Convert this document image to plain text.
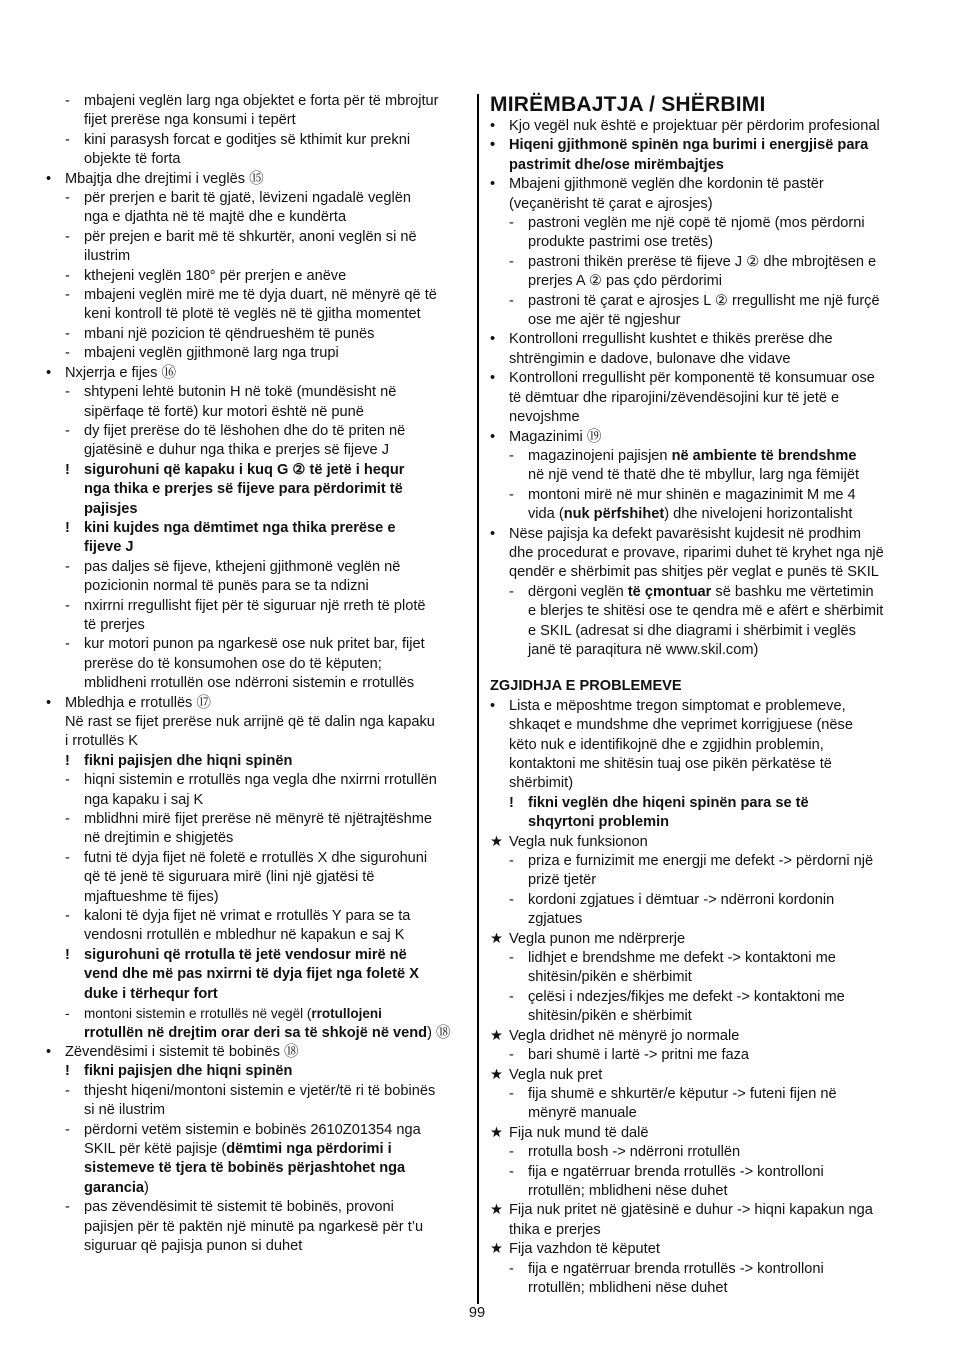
- mbajeni veglën larg nga objektet e forta për të mbrojtur
fijet prerëse nga konsumi i tepërt
- kini parasysh forcat e goditjes së kthimit kur prekni
objekte të forta
• Mbajtja dhe drejtimi i veglës ⑮
- për prerjen e barit të gjatë, lëvizeni ngadalë veglën
nga e djathta në të majtë dhe e kundërta
- për prejen e barit më të shkurtër, anoni veglën si në
ilustrim
- kthejeni veglën 180° për prerjen e anëve
- mbajeni veglën mirë me të dyja duart, në mënyrë që të
keni kontroll të plotë të veglës në të gjitha momentet
- mbani një pozicion të qëndrueshëm të punës
- mbajeni veglën gjithmonë larg nga trupi
• Nxjerrja e fijes ⑯
- shtypeni lehtë butonin H në tokë (mundësisht në
sipërfaqe të fortë) kur motori është në punë
- dy fijet prerëse do të lëshohen dhe do të priten në
gjatësinë e duhur nga thika e prerjes së fijeve J
! sigurohuni që kapaku i kuq G ② të jetë i hequr
nga thika e prerjes së fijeve para përdorimit të
pajisjes
! kini kujdes nga dëmtimet nga thika prerëse e
fijeve J
- pas daljes së fijeve, kthejeni gjithmonë veglën në
pozicionin normal të punës para se ta ndizni
- nxirrni rregullisht fijet për të siguruar një rreth të plotë
të prerjes
- kur motori punon pa ngarkesë ose nuk pritet bar, fijet
prerëse do të konsumohen ose do të këputen;
mblidheni rrotullën ose ndërroni sistemin e rrotullës
• Mbledhja e rrotullës ⑰
Në rast se fijet prerëse nuk arrijnë që të dalin nga kapaku
i rrotullës K
! fikni pajisjen dhe hiqni spinën
- hiqni sistemin e rrotullës nga vegla dhe nxirrni rrotullën
nga kapaku i saj K
- mblidhni mirë fijet prerëse në mënyrë të njëtrajtëshme
në drejtimin e shigjetës
- futni të dyja fijet në foletë e rrotullës X dhe sigurohuni
që të jenë të siguruara mirë (lini një gjatësi të
mjaftueshme të fijes)
- kaloni të dyja fijet në vrimat e rrotullës Y para se ta
vendosni rrotullën e mbledhur në kapakun e saj K
! sigurohuni që rrotulla të jetë vendosur mirë në
vend dhe më pas nxirrni të dyja fijet nga foletë X
duke i tërhequr fort
- montoni sistemin e rrotullës në vegël (rrotullojeni
rrotullën në drejtim orar deri sa të shkojë në vend) ⑱
• Zëvendësimi i sistemit të bobinës ⑱
! fikni pajisjen dhe hiqni spinën
- thjesht hiqeni/montoni sistemin e vjetër/të ri të bobinës
si në ilustrim
- përdorni vetëm sistemin e bobinës 2610Z01354 nga
SKIL për këtë pajisje (dëmtimi nga përdorimi i
sistemeve të tjera të bobinës përjashtohet nga
garancia)
- pas zëvendësimit të sistemit të bobinës, provoni
pajisjen për të paktën një minutë pa ngarkesë për t’u
siguruar që pajisja punon si duhet
MIRËMBAJTJA / SHËRBIMI
• Kjo vegël nuk është e projektuar për përdorim profesional
• Hiqeni gjithmonë spinën nga burimi i energjisë para
pastrimit dhe/ose mirëmbajtjes
• Mbajeni gjithmonë veglën dhe kordonin të pastër
(veçanërisht të çarat e ajrosjes)
- pastroni veglën me një copë të njomë (mos përdorni
produkte pastrimi ose tretës)
- pastroni thikën prerëse të fijeve J ② dhe mbrojtësen e
prerjes A ② pas çdo përdorimi
- pastroni të çarat e ajrosjes L ② rregullisht me një furçë
ose me ajër të ngjeshur
• Kontrolloni rregullisht kushtet e thikës prerëse dhe
shtrëngimin e dadove, bulonave dhe vidave
• Kontrolloni rregullisht për komponentë të konsumuar ose
të dëmtuar dhe riparojini/zëvendësojini kur të jetë e
nevojshme
• Magazinimi ⑲
- magazinojeni pajisjen në ambiente të brendshme
në një vend të thatë dhe të mbyllur, larg nga fëmijët
- montoni mirë në mur shinën e magazinimit M me 4
vida (nuk përfshihet) dhe nivelojeni horizontalisht
• Nëse pajisja ka defekt pavarësisht kujdesit në prodhim
dhe procedurat e provave, riparimi duhet të kryhet nga një
qendër e shërbimit pas shitjes për veglat e punës të SKIL
- dërgoni veglën të çmontuar së bashku me vërtetimin
e blerjes te shitësi ose te qendra më e afërt e shërbimit
e SKIL (adresat si dhe diagrami i shërbimit i veglës
janë të paraqitura në www.skil.com)
ZGJIDHJA E PROBLEMEVE
• Lista e mëposhtme tregon simptomat e problemeve,
shkaqet e mundshme dhe veprimet korrigjuese (nëse
këto nuk e identifikojnë dhe e zgjidhin problemin,
kontaktoni me shitësin tuaj ose pikën përkatëse të
shërbimit)
! fikni veglën dhe hiqeni spinën para se të
shqyrtoni problemin
★ Vegla nuk funksionon
- priza e furnizimit me energji me defekt -> përdorni një
prizë tjetër
- kordoni zgjatues i dëmtuar -> ndërroni kordonin
zgjatues
★ Vegla punon me ndërprerje
- lidhjet e brendshme me defekt -> kontaktoni me
shitësin/pikën e shërbimit
- çelësi i ndezjes/fikjes me defekt -> kontaktoni me
shitësin/pikën e shërbimit
★ Vegla dridhet në mënyrë jo normale
- bari shumë i lartë -> pritni me faza
★ Vegla nuk pret
- fija shumë e shkurtër/e këputur -> futeni fijen në
mënyrë manuale
★ Fija nuk mund të dalë
- rrotulla bosh -> ndërroni rrotullën
- fija e ngatërruar brenda rrotullës -> kontrolloni
rrotullën; mblidheni nëse duhet
★ Fija nuk pritet në gjatësinë e duhur -> hiqni kapakun nga
thika e prerjes
★ Fija vazhdon të këputet
- fija e ngatërruar brenda rrotullës -> kontrolloni
rrotullën; mblidheni nëse duhet
99
